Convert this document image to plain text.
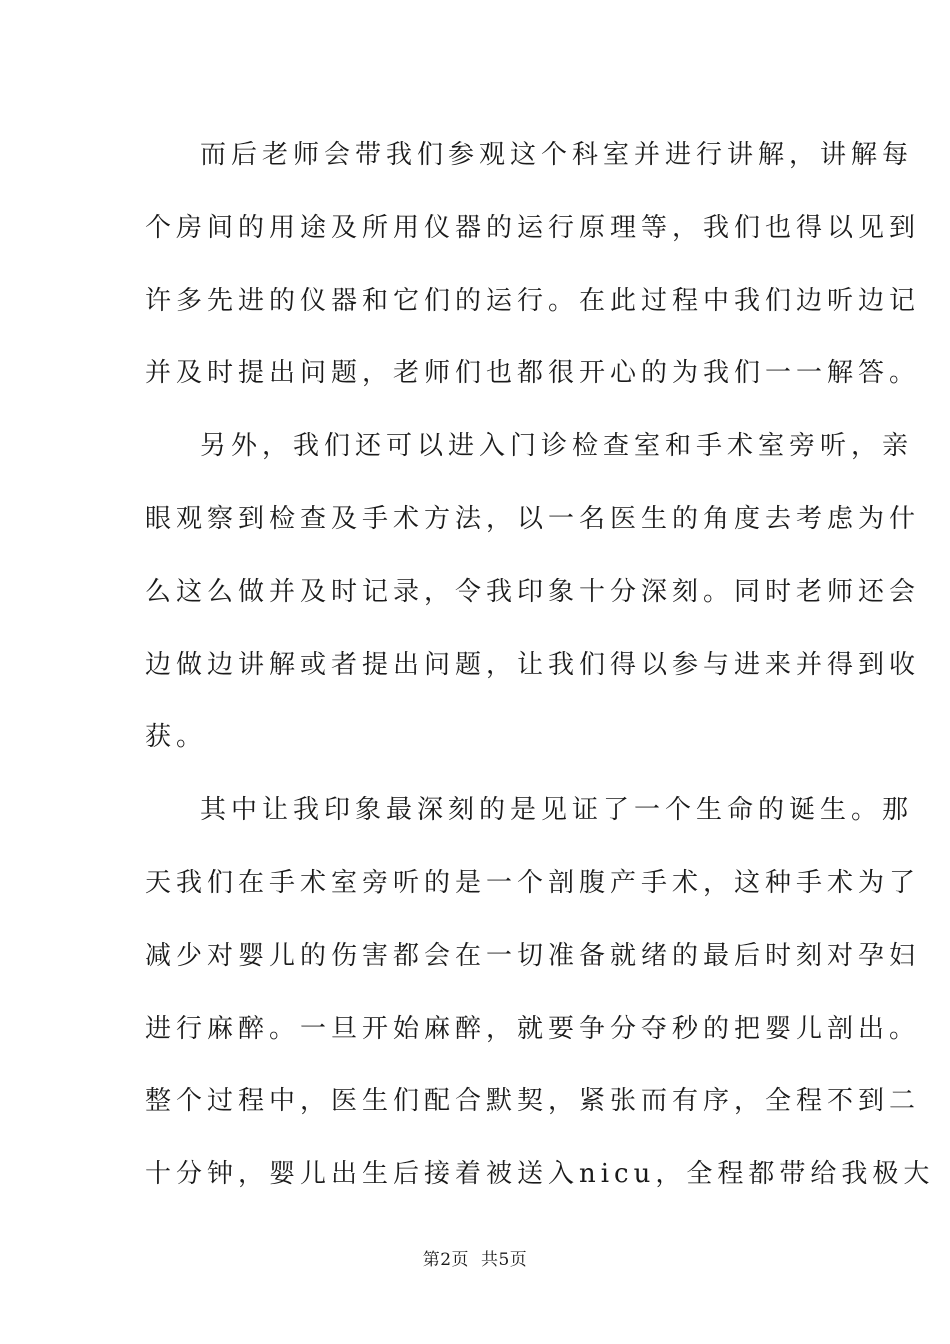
而后老师会带我们参观这个科室并进行讲解，讲解每
个房间的用途及所用仪器的运行原理等，我们也得以见到
许多先进的仪器和它们的运行。在此过程中我们边听边记
并及时提出问题，老师们也都很开心的为我们一一解答。
另外，我们还可以进入门诊检查室和手术室旁听，亲
眼观察到检查及手术方法，以一名医生的角度去考虑为什
么这么做并及时记录，令我印象十分深刻。同时老师还会
边做边讲解或者提出问题，让我们得以参与进来并得到收
获。
其中让我印象最深刻的是见证了一个生命的诞生。那
天我们在手术室旁听的是一个剖腹产手术，这种手术为了
减少对婴儿的伤害都会在一切准备就绪的最后时刻对孕妇
进行麻醉。一旦开始麻醉，就要争分夺秒的把婴儿剖出。
整个过程中，医生们配合默契，紧张而有序，全程不到二
十分钟，婴儿出生后接着被送入nicu，全程都带给我极大
第2页 共5页
